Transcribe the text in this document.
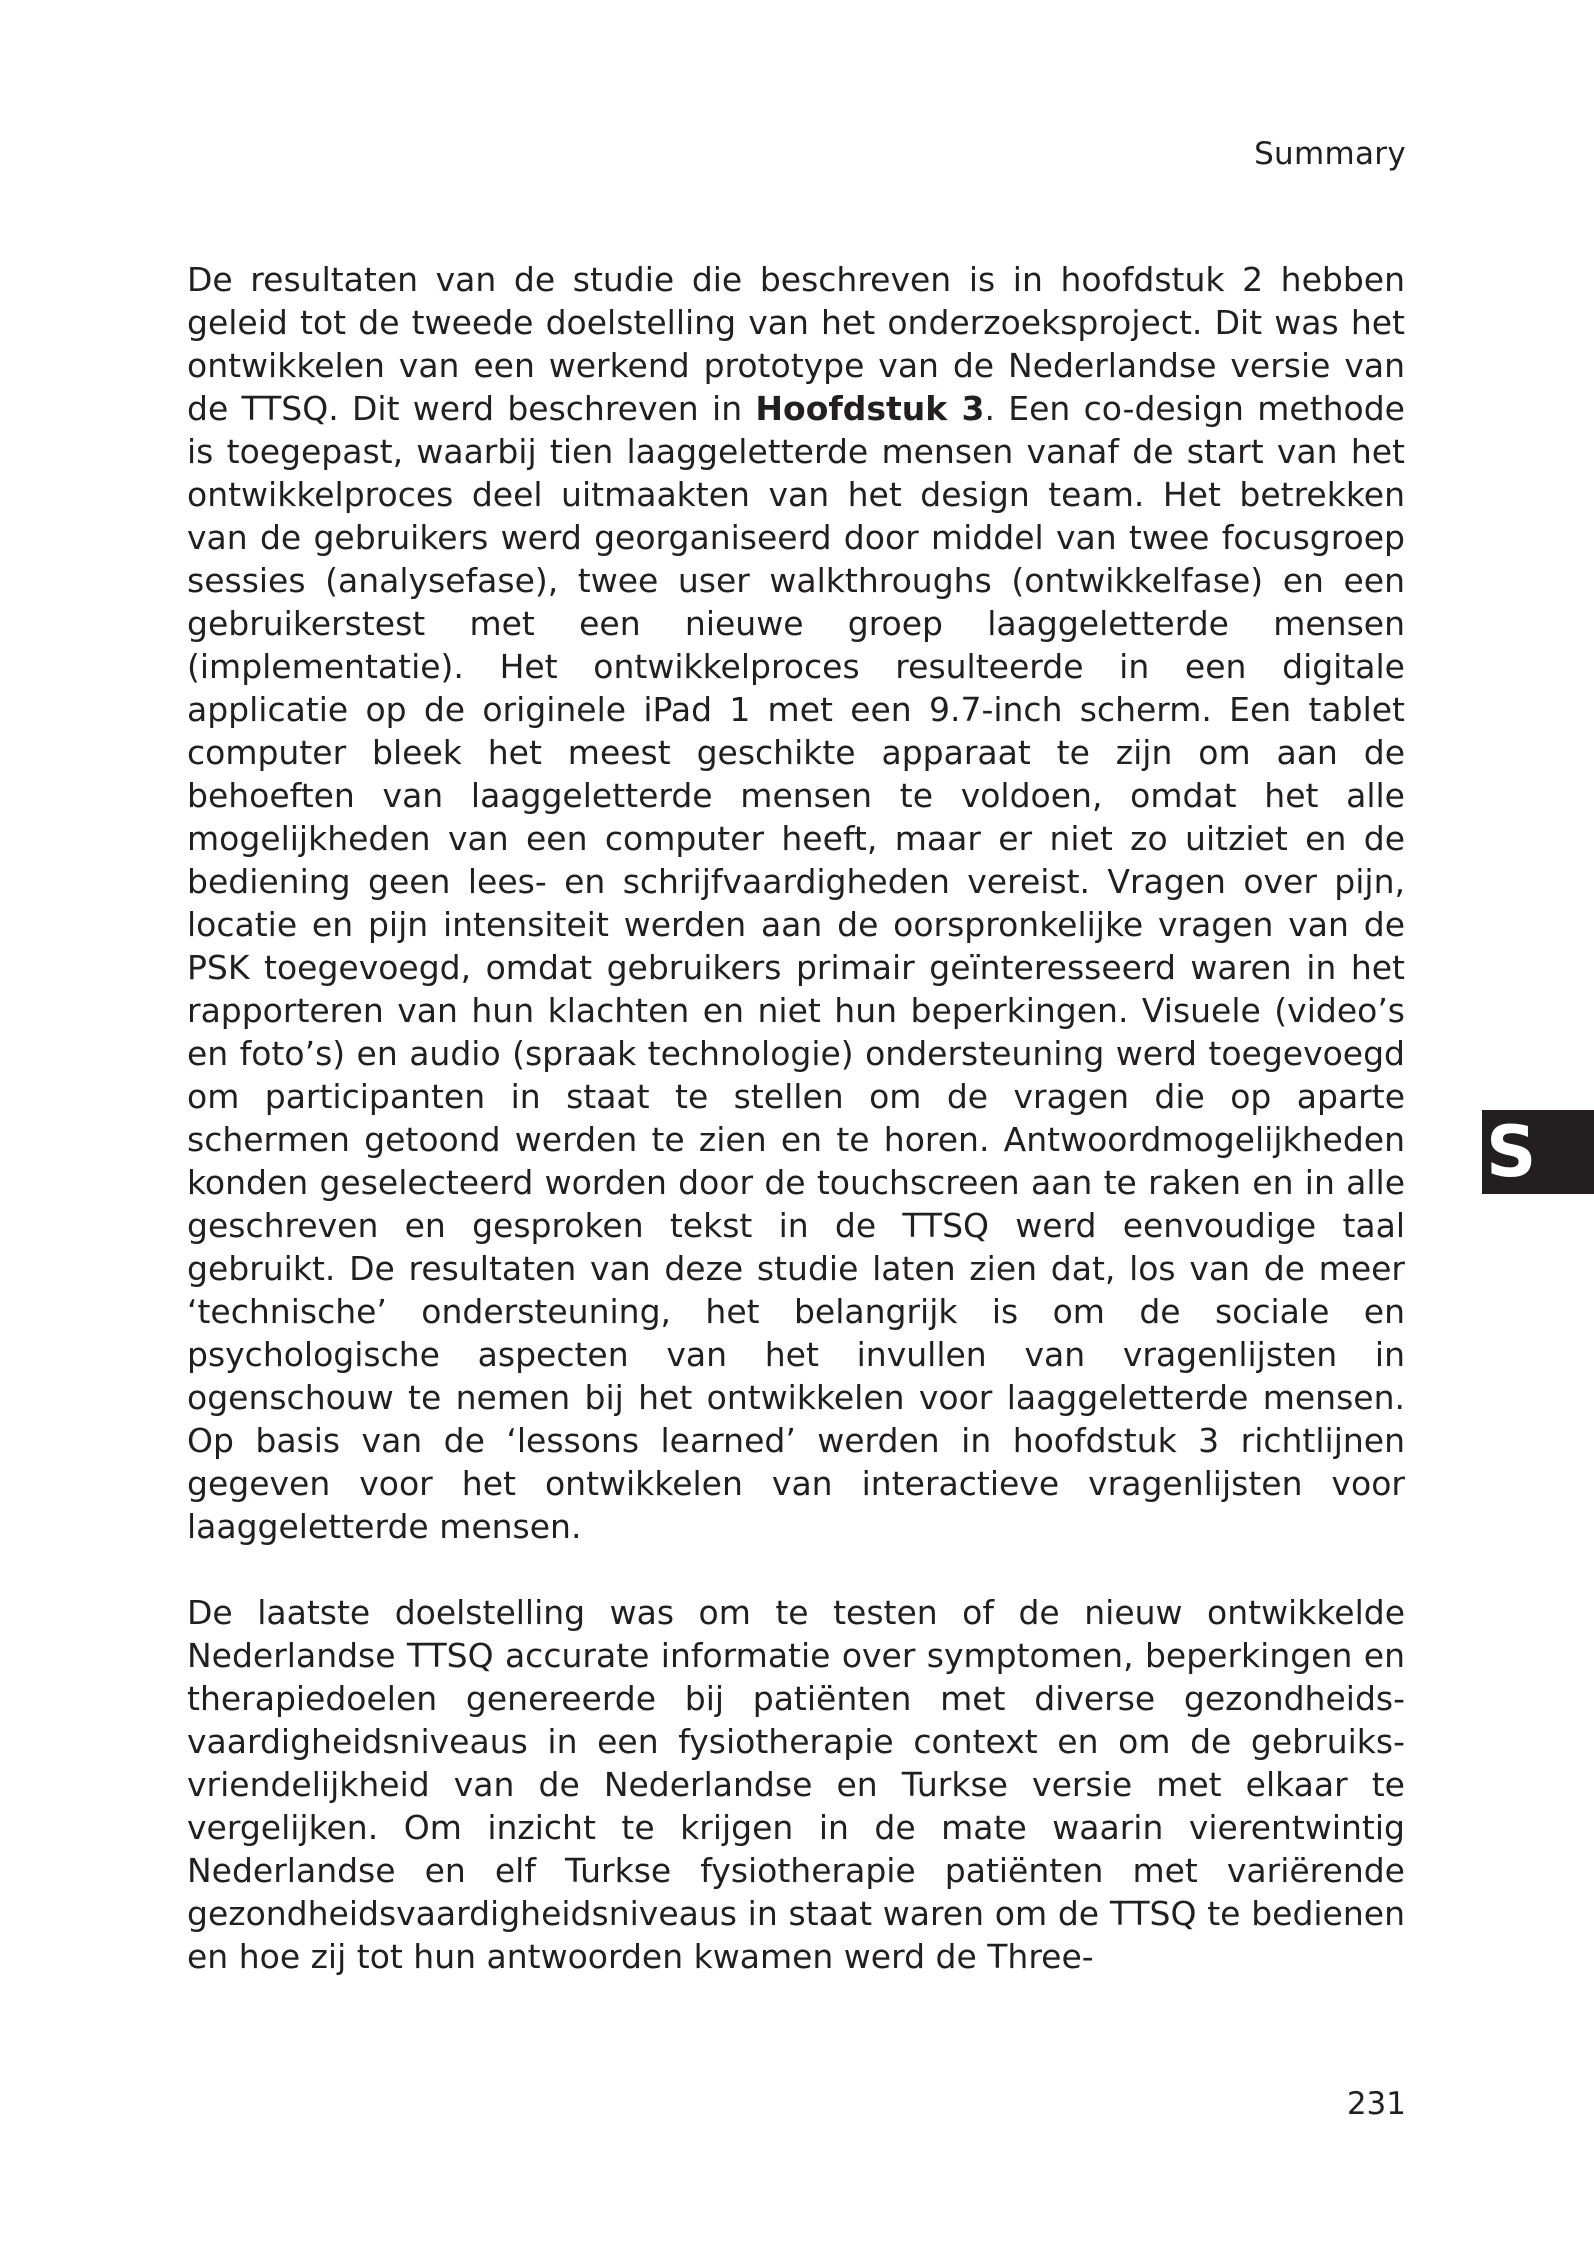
Summary

De resultaten van de studie die beschreven is in hoofdstuk 2 hebben geleid tot de tweede doelstelling van het onderzoeksproject. Dit was het ontwikkelen van een werkend prototype van de Nederlandse versie van de TTSQ. Dit werd beschreven in Hoofdstuk 3. Een co-design methode is toegepast, waarbij tien laaggeletterde mensen vanaf de start van het ontwikkelproces deel uitmaakten van het design team. Het betrekken van de gebruikers werd georganiseerd door middel van twee focusgroep sessies (analysefase), twee user walkthroughs (ontwikkelfase) en een gebruikerstest met een nieuwe groep laaggeletterde mensen (implementatie). Het ontwikkelproces resulteerde in een digitale applicatie op de originele iPad 1 met een 9.7-inch scherm. Een tablet computer bleek het meest geschikte apparaat te zijn om aan de behoeften van laaggeletterde mensen te voldoen, omdat het alle mogelijkheden van een computer heeft, maar er niet zo uitziet en de bediening geen lees- en schrijfvaardigheden vereist. Vragen over pijn, locatie en pijn intensiteit werden aan de oorspronkelijke vragen van de PSK toegevoegd, omdat gebruikers primair geïnteresseerd waren in het rapporteren van hun klachten en niet hun beperkingen. Visuele (video’s en foto’s) en audio (spraak technologie) ondersteuning werd toegevoegd om participanten in staat te stellen om de vragen die op aparte schermen getoond werden te zien en te horen. Antwoordmogelijkheden konden geselecteerd worden door de touchscreen aan te raken en in alle geschreven en gesproken tekst in de TTSQ werd eenvoudige taal gebruikt. De resultaten van deze studie laten zien dat, los van de meer ‘technische’ ondersteuning, het belangrijk is om de sociale en psychologische aspecten van het invullen van vragenlijsten in ogenschouw te nemen bij het ontwikkelen voor laaggeletterde mensen. Op basis van de ‘lessons learned’ werden in hoofdstuk 3 richtlijnen gegeven voor het ontwikkelen van interactieve vragenlijsten voor laaggeletterde mensen.

De laatste doelstelling was om te testen of de nieuw ontwikkelde Nederlandse TTSQ accurate informatie over symptomen, beperkingen en therapiedoelen genereerde bij patiënten met diverse gezondheids-vaardigheidsniveaus in een fysiotherapie context en om de gebruiks-vriendelijkheid van de Nederlandse en Turkse versie met elkaar te vergelijken. Om inzicht te krijgen in de mate waarin vierentwintig Nederlandse en elf Turkse fysiotherapie patiënten met variërende gezondheidsvaardigheidsniveaus in staat waren om de TTSQ te bedienen en hoe zij tot hun antwoorden kwamen werd de Three-

S
231
